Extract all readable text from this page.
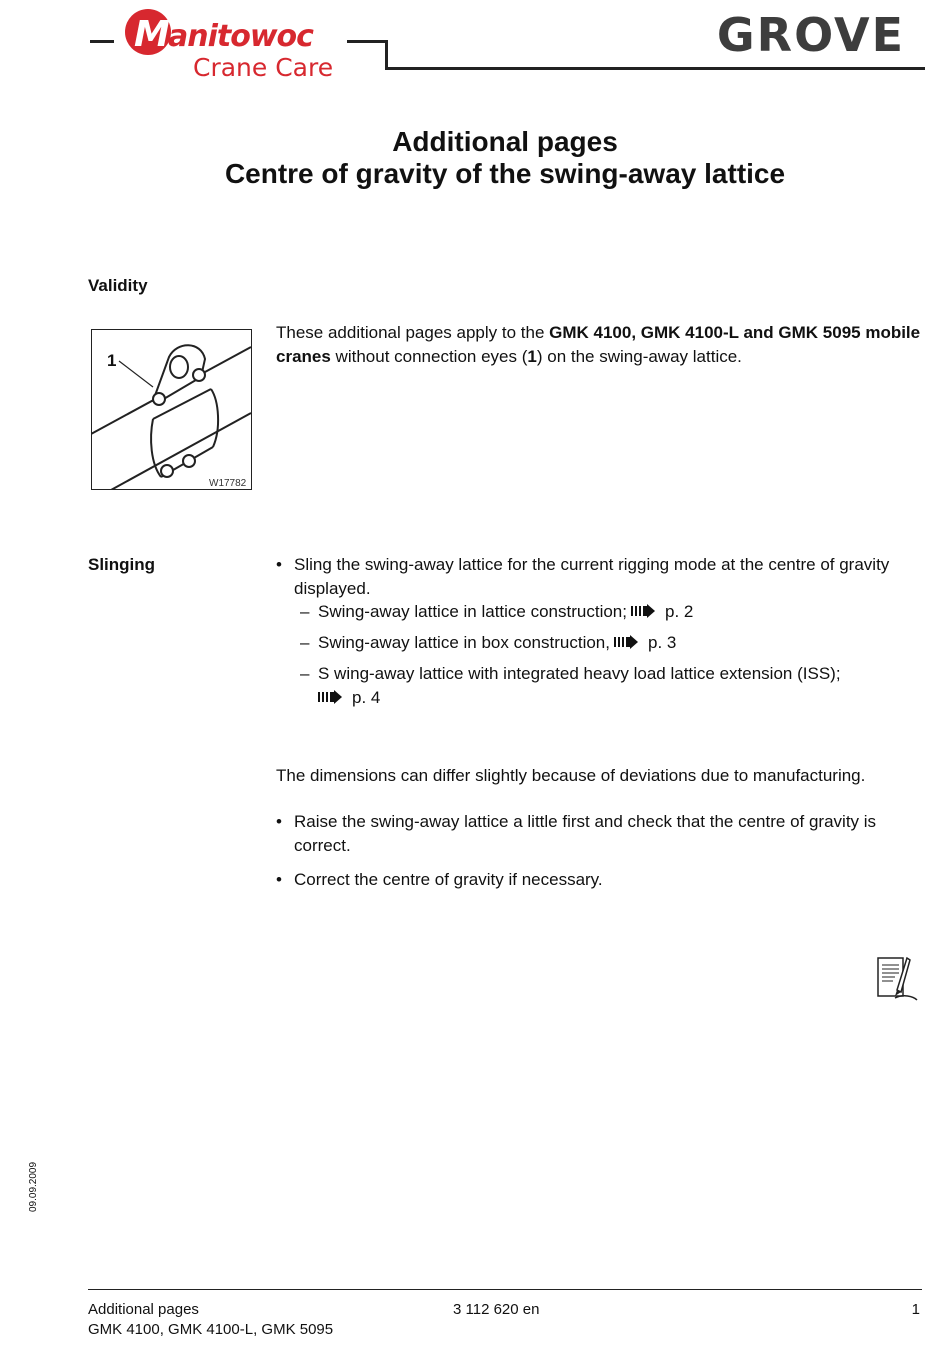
M
anitowoc
Crane Care
GROVE
Additional pages
Centre of gravity of the swing-away lattice
Validity
1
W17782
These additional pages apply to the GMK 4100, GMK 4100-L and GMK 5095 mobile cranes without connection eyes (1) on the swing-away lattice.
Slinging	• Sling the swing-away lattice for the current rigging mode at the centre of gravity displayed.
– Swing-away lattice in lattice construction; p. 2
– Swing-away lattice in box construction, p. 3
– S wing-away lattice with integrated heavy load lattice extension (ISS);
p. 4
The dimensions can differ slightly because of deviations due to manufacturing.
• Raise the swing-away lattice a little first and check that the centre of gravity is correct.
• Correct the centre of gravity if necessary.
09.09.2009
Additional pages
GMK 4100, GMK 4100-L, GMK 5095
3 112 620 en	1
